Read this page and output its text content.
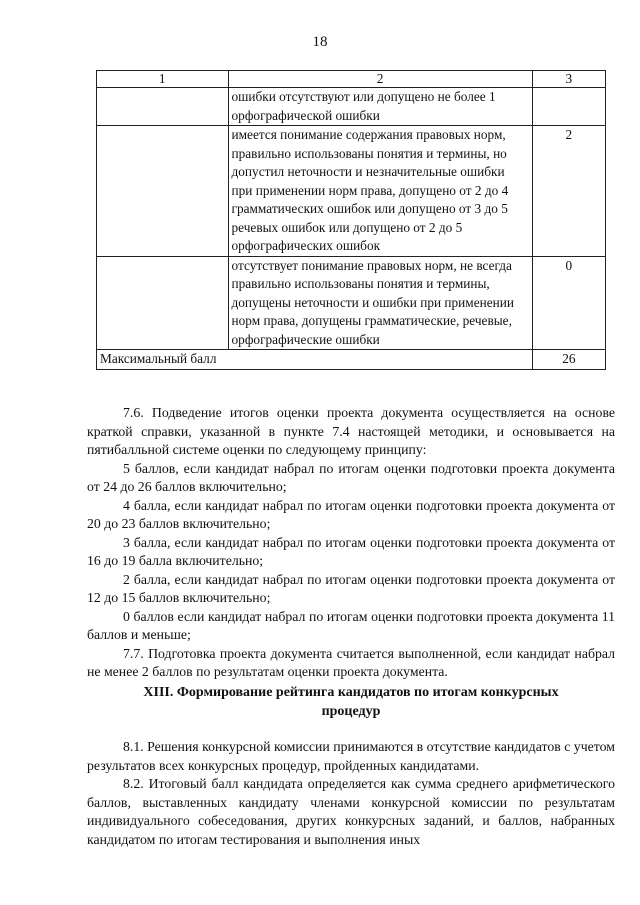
18
1	2	3
	ошибки отсутствуют или допущено не более 1 орфографической ошибки	
	имеется понимание содержания правовых норм, правильно использованы понятия и термины, но допустил неточности и незначительные ошибки при применении норм права, допущено от 2 до 4 грамматических ошибок или допущено от 3 до 5 речевых ошибок или допущено от 2 до 5 орфографических ошибок	2
	отсутствует понимание правовых норм, не всегда правильно использованы понятия и термины, допущены неточности и ошибки при применении норм права, допущены грамматические, речевые, орфографические ошибки	0
Максимальный балл		26

7.6. Подведение итогов оценки проекта документа осуществляется на основе краткой справки, указанной в пункте 7.4 настоящей методики, и основывается на пятибалльной системе оценки по следующему принципу:

5 баллов, если кандидат набрал по итогам оценки подготовки проекта документа от 24 до 26 баллов включительно;

4 балла, если кандидат набрал по итогам оценки подготовки проекта документа от 20 до 23 баллов включительно;

3 балла, если кандидат набрал по итогам оценки подготовки проекта документа от 16 до 19 балла включительно;

2 балла, если кандидат набрал по итогам оценки подготовки проекта документа от 12 до 15 баллов включительно;

0 баллов если кандидат набрал по итогам оценки подготовки проекта документа 11 баллов и меньше;

7.7. Подготовка проекта документа считается выполненной, если кандидат набрал не менее 2 баллов по результатам оценки проекта документа.

XIII. Формирование рейтинга кандидатов по итогам конкурсных
процедур

8.1. Решения конкурсной комиссии принимаются в отсутствие кандидатов с учетом результатов всех конкурсных процедур, пройденных кандидатами.

8.2. Итоговый балл кандидата определяется как сумма среднего арифметического баллов, выставленных кандидату членами конкурсной комиссии по результатам индивидуального собеседования, других конкурсных заданий, и баллов, набранных кандидатом по итогам тестирования и выполнения иных
